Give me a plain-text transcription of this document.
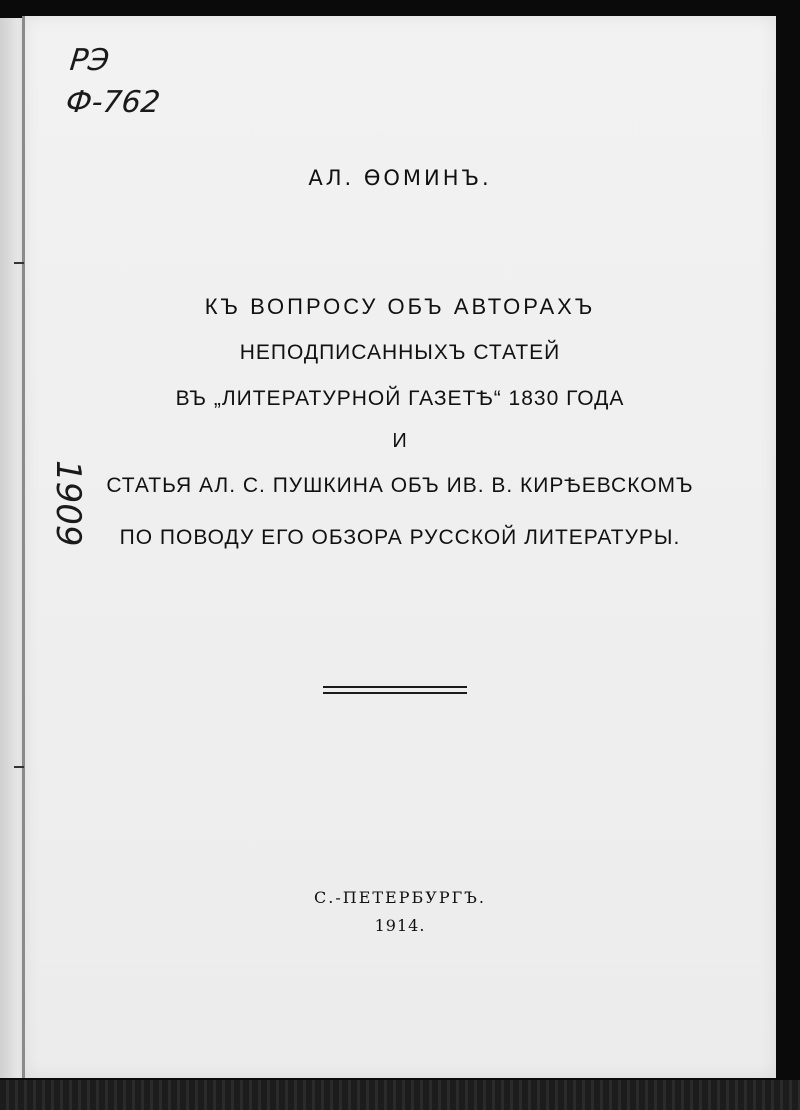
РЭ
Ф-762
1909
АЛ. ӨОМИНЪ.
КЪ ВОПРОСУ ОБЪ АВТОРАХЪ
НЕПОДПИСАННЫХЪ СТАТЕЙ
ВЪ „ЛИТЕРАТУРНОЙ ГАЗЕТѢ“ 1830 ГОДА
И
СТАТЬЯ АЛ. С. ПУШКИНА ОБЪ ИВ. В. КИРѢЕВСКОМЪ
ПО ПОВОДУ ЕГО ОБЗОРА РУССКОЙ ЛИТЕРАТУРЫ.
С.-ПЕТЕРБУРГЪ.
1914.
